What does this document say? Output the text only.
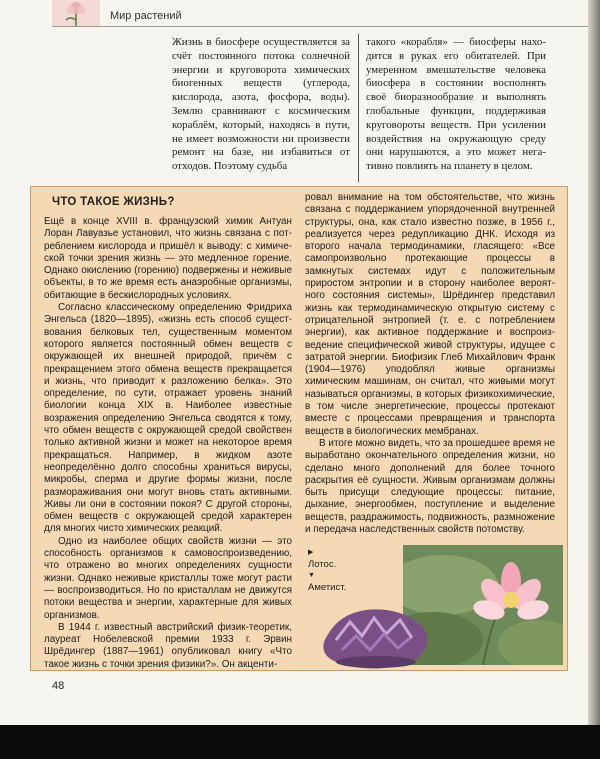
Мир растений
Жизнь в биосфере осуществляется за счёт постоянного потока солнечной энергии и круговорота химических биогенных веществ (углерода, кислорода, азота, фосфора, воды). Землю сравнивают с космическим кораблём, который, находясь в пути, не имеет возможности ни произвести ремонт на базе, ни избавиться от отходов. Поэтому судьба
такого «корабля» — биосферы находится в руках его обитателей. При умеренном вмешательстве человека биосфера в состоянии восполнять своё биоразнообразие и выполнять глобальные функции, поддерживая круговороты веществ. При усилении воздействия на окружающую среду они нарушаются, а это может негативно повлиять на планету в целом.
ЧТО ТАКОЕ ЖИЗНЬ?

Ещё в конце XVIII в. французский химик Антуан Лоран Лавуазье установил, что жизнь связана с потреблением кислорода и пришёл к выводу: с химической точки зрения жизнь — это медленное горение. Однако окислению (горению) подвержены и неживые объекты, в то же время есть анаэробные организмы, обитающие в бескислородных условиях.

Согласно классическому определению Фридриха Энгельса (1820—1895), «жизнь есть способ существования белковых тел, существенным моментом которого является постоянный обмен веществ с окружающей их внешней природой, причём с прекращением этого обмена веществ прекращается и жизнь, что приводит к разложению белка». Это определение, по сути, отражает уровень знаний биологии конца XIX в. Наиболее известные возражения определению Энгельса сводятся к тому, что обмен веществ с окружающей средой свойствен только активной жизни и может на некоторое время прекращаться. Например, в жидком азоте неопределённо долго способны храниться вирусы, микробы, сперма и другие формы жизни, после размораживания они могут вновь стать активными. Живы ли они в состоянии покоя? С другой стороны, обмен веществ с окружающей средой характерен для многих чисто химических реакций.

Одно из наиболее общих свойств жизни — это способность организмов к самовоспроизведению, что отражено во многих определениях сущности жизни. Однако неживые кристаллы тоже могут расти — воспроизводиться. Но по кристаллам не движутся потоки вещества и энергии, характерные для живых организмов.

В 1944 г. известный австрийский физик-теоретик, лауреат Нобелевской премии 1933 г. Эрвин Шрёдингер (1887—1961) опубликовал книгу «Что такое жизнь с точки зрения физики?». Он акценти-

ровал внимание на том обстоятельстве, что жизнь связана с поддержанием упорядоченной внутренней структуры, она, как стало известно позже, в 1956 г., реализуется через редупликацию ДНК. Исходя из второго начала термодинамики, гласящего: «Все самопроизвольно протекающие процессы в замкнутых системах идут с положительным приростом энтропии и в сторону наиболее вероятного состояния системы», Шрёдингер представил жизнь как термодинамическую открытую систему с отрицательной энтропией (т. е. с потреблением энергии), как активное поддержание и воспроизведение специфической живой структуры, идущее с затратой энергии. Биофизик Глеб Михайлович Франк (1904—1976) уподоблял живые организмы химическим машинам, он считал, что живыми могут называться организмы, в которых физикохимические, в том числе энергетические, процессы протекают вместе с процессами превращения и транспорта веществ в биологических мембранах.

В итоге можно видеть, что за прошедшее время не выработано окончательного определения жизни, но сделано много дополнений для более точного раскрытия её сущности. Живым организмам должны быть присущи следующие процессы: питание, дыхание, энергообмен, поступление и выделение веществ, раздражимость, подвижность, размножение и передача наследственных свойств потомству.

▶
Лотос.
▼
Аметист.
48
